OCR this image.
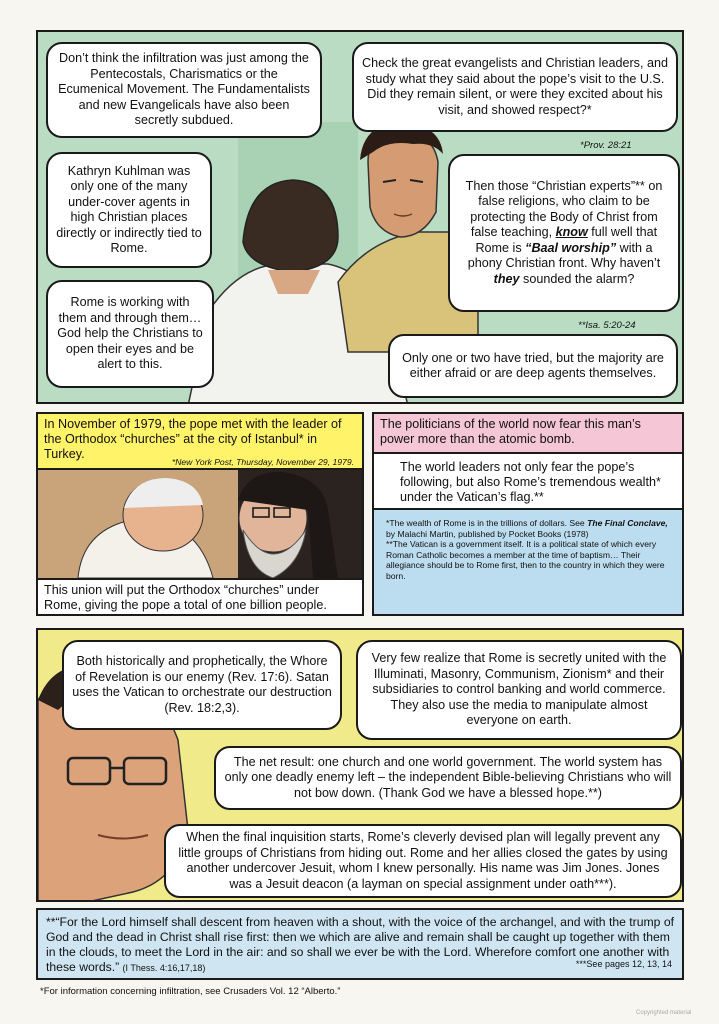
Don’t think the infiltration was just among the Pentecostals, Charismatics or the Ecumenical Movement. The Fundamentalists and new Evangelicals have also been secretly subdued.
Check the great evangelists and Christian leaders, and study what they said about the pope’s visit to the U.S. Did they remain silent, or were they excited about his visit, and showed respect?*
*Prov. 28:21
Kathryn Kuhlman was only one of the many under-cover agents in high Christian places directly or indirectly tied to Rome.
Then those “Christian experts”** on false religions, who claim to be protecting the Body of Christ from false teaching, know full well that Rome is “Baal worship” with a phony Christian front. Why haven’t they sounded the alarm?
Rome is working with them and through them… God help the Christians to open their eyes and be alert to this.
**Isa. 5:20-24
Only one or two have tried, but the majority are either afraid or are deep agents themselves.
In November of 1979, the pope met with the leader of the Orthodox “churches” at the city of Istanbul* in Turkey.
*New York Post, Thursday, November 29, 1979.
This union will put the Orthodox “churches” under Rome, giving the pope a total of one billion people.
The politicians of the world now fear this man’s power more than the atomic bomb.
The world leaders not only fear the pope’s following, but also Rome’s tremendous wealth* under the Vatican’s flag.**
*The wealth of Rome is in the trillions of dollars. See The Final Conclave, by Malachi Martin, published by Pocket Books (1978)
**The Vatican is a government itself. It is a political state of which every Roman Catholic becomes a member at the time of baptism… Their allegiance should be to Rome first, then to the country in which they were born.
Both historically and prophetically, the Whore of Revelation is our enemy (Rev. 17:6). Satan uses the Vatican to orchestrate our destruction (Rev. 18:2,3).
Very few realize that Rome is secretly united with the Illuminati, Masonry, Communism, Zionism* and their subsidiaries to control banking and world commerce. They also use the media to manipulate almost everyone on earth.
The net result: one church and one world government. The world system has only one deadly enemy left – the independent Bible-believing Christians who will not bow down. (Thank God we have a blessed hope.**)
When the final inquisition starts, Rome’s cleverly devised plan will legally prevent any little groups of Christians from hiding out. Rome and her allies closed the gates by using another undercover Jesuit, whom I knew personally. His name was Jim Jones. Jones was a Jesuit deacon (a layman on special assignment under oath***).
**“For the Lord himself shall descent from heaven with a shout, with the voice of the archangel, and with the trump of God and the dead in Christ shall rise first: then we which are alive and remain shall be caught up together with them in the clouds, to meet the Lord in the air: and so shall we ever be with the Lord. Wherefore comfort one another with these words.” (I Thess. 4:16,17,18)	***See pages 12, 13, 14
*For information concerning infiltration, see Crusaders Vol. 12 “Alberto.”
Copyrighted material
